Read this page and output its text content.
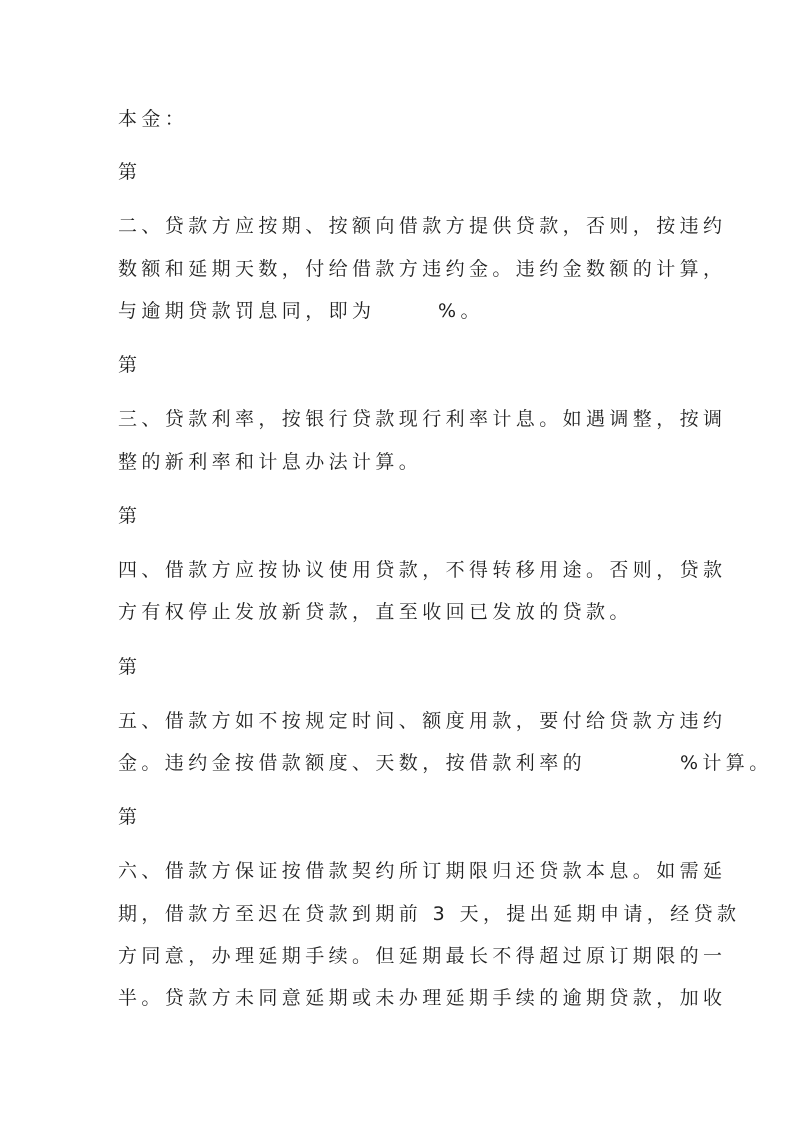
本金：

第

二、贷款方应按期、按额向借款方提供贷款，否则，按违约

数额和延期天数，付给借款方违约金。违约金数额的计算，

与逾期贷款罚息同，即为      %。

第

三、贷款利率，按银行贷款现行利率计息。如遇调整，按调

整的新利率和计息办法计算。

第

四、借款方应按协议使用贷款，不得转移用途。否则，贷款

方有权停止发放新贷款，直至收回已发放的贷款。

第

五、借款方如不按规定时间、额度用款，要付给贷款方违约

金。违约金按借款额度、天数，按借款利率的         %计算。

第

六、借款方保证按借款契约所订期限归还贷款本息。如需延

期，借款方至迟在贷款到期前 3 天，提出延期申请，经贷款

方同意，办理延期手续。但延期最长不得超过原订期限的一

半。贷款方未同意延期或未办理延期手续的逾期贷款，加收
